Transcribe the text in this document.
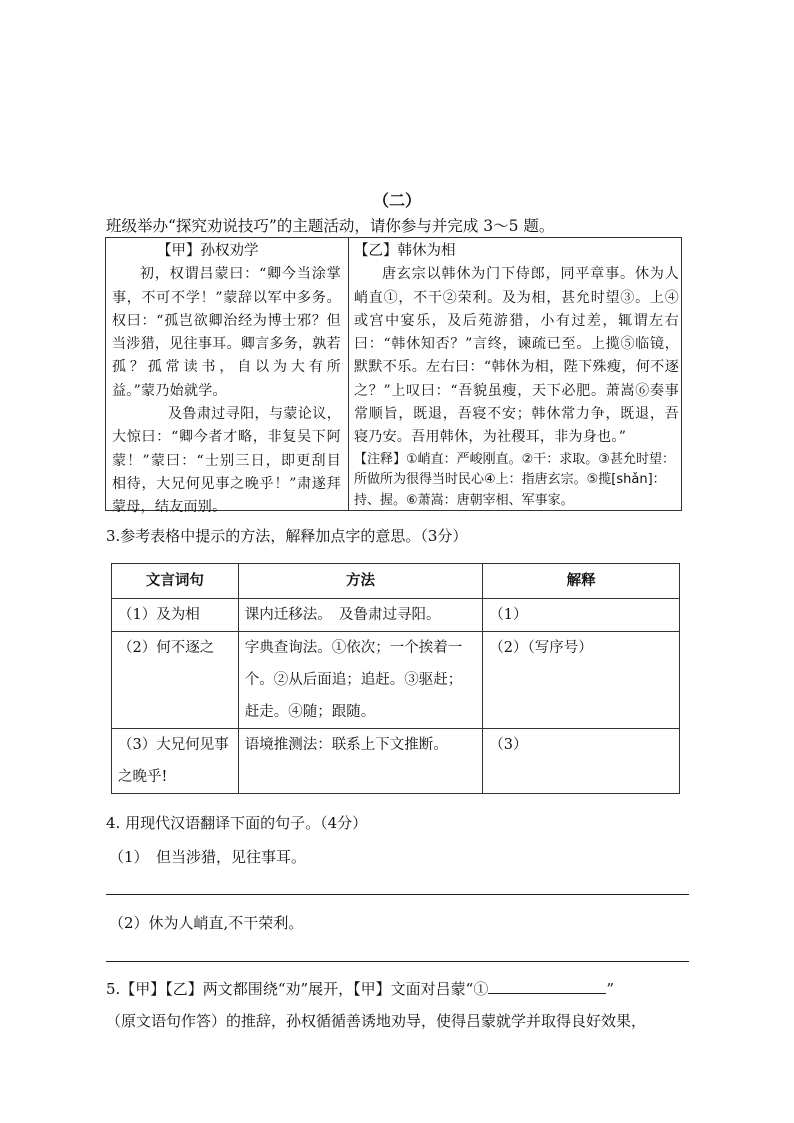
（二）
班级举办“探究劝说技巧”的主题活动，请你参与并完成 3～5 题。
【甲】孙权劝学
初，权谓吕蒙曰：“卿今当涂掌事，不可不学！”蒙辞以军中多务。权曰：“孤岂欲卿治经为博士邪？但当涉猎，见往事耳。卿言多务，孰若孤？孤常读书，自以为大有所益。”蒙乃始就学。
及鲁肃过寻阳，与蒙论议，大惊曰：“卿今者才略，非复吴下阿蒙！”蒙曰：“士别三日，即更刮目相待，大兄何见事之晚乎！”肃遂拜蒙母，结友而别。
【乙】韩休为相
唐玄宗以韩休为门下侍郎，同平章事。休为人峭直①，不干②荣利。及为相，甚允时望③。上④或宫中宴乐，及后苑游猎，小有过差，辄谓左右曰：“韩休知否？”言终，谏疏已至。上揽⑤临镜，默默不乐。左右曰：“韩休为相，陛下殊瘦，何不逐之？”上叹曰：“吾貌虽瘦，天下必肥。萧嵩⑥奏事常顺旨，既退，吾寝不安；韩休常力争，既退，吾寝乃安。吾用韩休，为社稷耳，非为身也。”
【注释】①峭直：严峻刚直。②干：求取。③甚允时望：所做所为很得当时民心④上：指唐玄宗。⑤揽[shǎn]：持、握。⑥萧嵩：唐朝宰相、军事家。
3.参考表格中提示的方法，解释加点字的意思。（3分）
文言词句	方法	解释
（1）及为相	课内迁移法。　及鲁肃过寻阳。	（1）
（2）何不逐之	字典查询法。①依次；一个挨着一个。②从后面追；追赶。③驱赶；赶走。④随；跟随。	（2）（写序号）
（3）大兄何见事之晚乎!	语境推测法：联系上下文推断。	（3）
4. 用现代汉语翻译下面的句子。（4分）
（1）　但当涉猎，见往事耳。
（2）休为人峭直,不干荣利。
5.【甲】【乙】两文都围绕“劝”展开，【甲】文面对吕蒙“①	”
（原文语句作答）的推辞，孙权循循善诱地劝导，使得吕蒙就学并取得良好效果，
